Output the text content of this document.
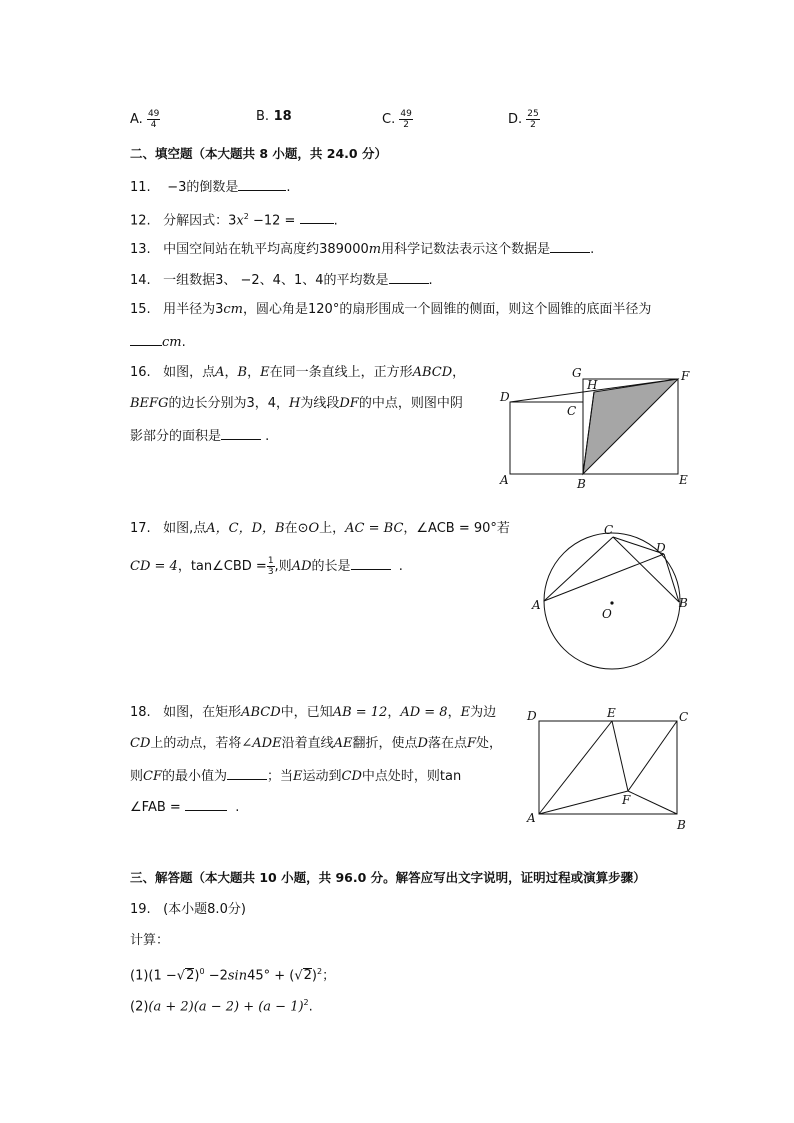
A. $\frac{49}{4}$	B. 18	C. $\frac{49}{2}$	D. $\frac{25}{2}$
二、填空题（本大题共 8 小题，共 24.0 分）
11. −3的倒数是	.
12. 分解因式：$3x^2 -12$ =	.
13. 中国空间站在轨平均高度约389000m用科学记数法表示这个数据是	.
14. 一组数据3、 −2、4、1、4的平均数是	.
15. 用半径为3cm，圆心角是120°的扇形围成一个圆锥的侧面，则这个圆锥的底面半径为
cm.
16. 如图，点A，B，E在同一条直线上，正方形ABCD，
BEFG的边长分别为3，4，H为线段DF的中点，则图中阴
影部分的面积是	.
G
H
F
D
C
A	B	E
17. 如图,点A，C，D，B在⊙O上，AC = BC，∠ACB = 90°若
CD = 4，tan∠CBD = $\frac{1}{3}$ ,则AD的长是	.
C
D
A	B
O
18. 如图，在矩形ABCD中，已知AB = 12，AD = 8，E为边
CD上的动点，若将∠ADE沿着直线AE翻折，使点D落在点F处，
则CF的最小值为	；当E运动到CD中点处时，则tan
∠FAB =	.
D	E	C
F
A	B
三、解答题（本大题共 10 小题，共 96.0 分。解答应写出文字说明，证明过程或演算步骤）
19. (本小题8.0分)
计算：
$(1)(1 -√2)^0 -2\sin 45^\circ + (√2)^2$；
$(2)(a + 2)(a - 2) + (a - 1)^2$.
